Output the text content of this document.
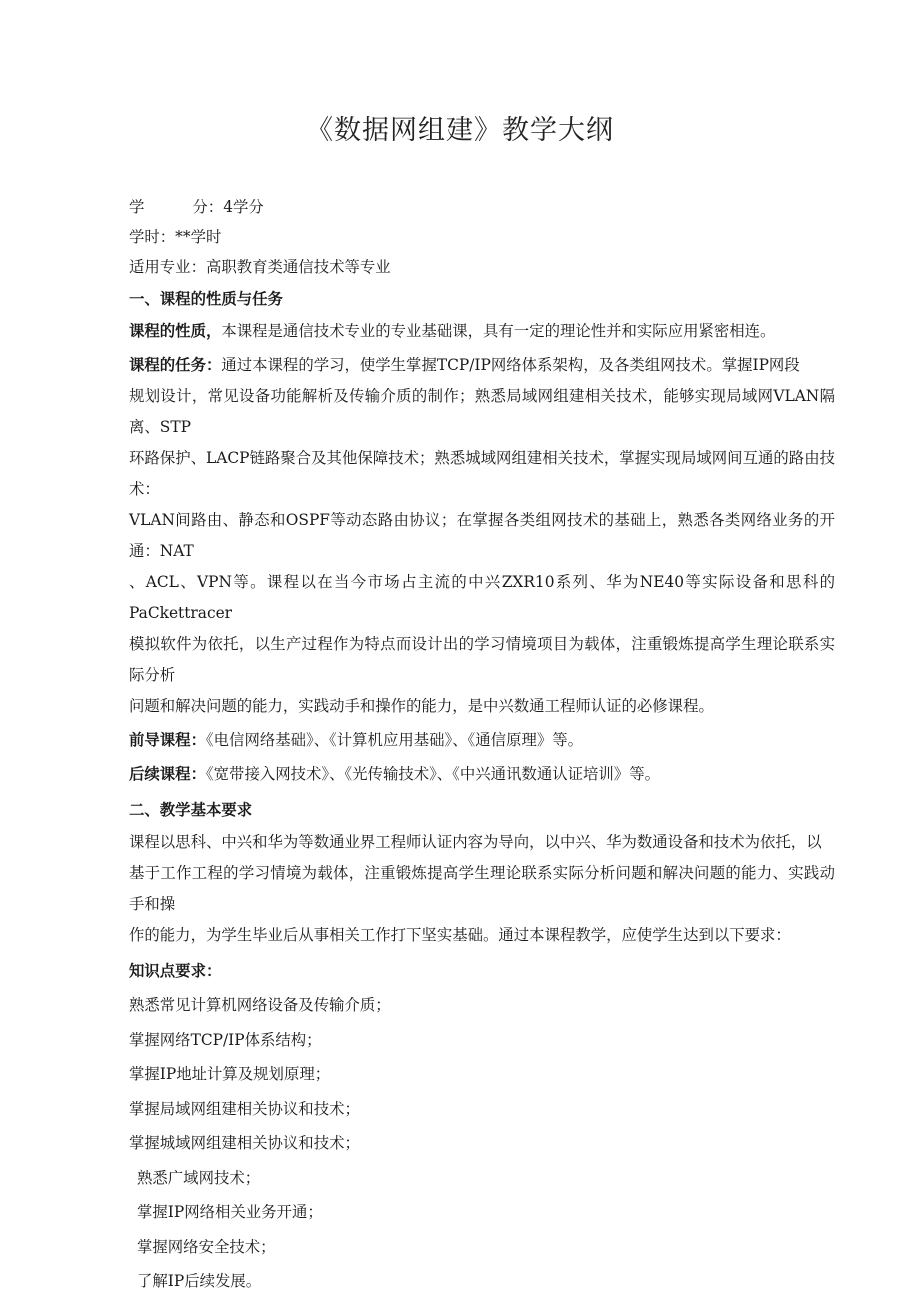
《数据网组建》教学大纲
学	分：4学分
学时：**学时
适用专业：高职教育类通信技术等专业
一、课程的性质与任务
课程的性质，本课程是通信技术专业的专业基础课，具有一定的理论性并和实际应用紧密相连。
课程的任务：通过本课程的学习，使学生掌握TCP/IP网络体系架构，及各类组网技术。掌握IP网段
规划设计，常见设备功能解析及传输介质的制作；熟悉局域网组建相关技术，能够实现局域网VLAN隔离、STP
环路保护、LACP链路聚合及其他保障技术；熟悉城域网组建相关技术，掌握实现局域网间互通的路由技术：
VLAN间路由、静态和OSPF等动态路由协议；在掌握各类组网技术的基础上，熟悉各类网络业务的开通：NAT
、ACL、VPN等。课程以在当今市场占主流的中兴ZXR10系列、华为NE40等实际设备和思科的PaCkettracer
模拟软件为依托，以生产过程作为特点而设计出的学习情境项目为载体，注重锻炼提高学生理论联系实际分析
问题和解决问题的能力，实践动手和操作的能力，是中兴数通工程师认证的必修课程。
前导课程：《电信网络基础》、《计算机应用基础》、《通信原理》等。
后续课程：《宽带接入网技术》、《光传输技术》、《中兴通讯数通认证培训》等。
二、教学基本要求
课程以思科、中兴和华为等数通业界工程师认证内容为导向，以中兴、华为数通设备和技术为依托，以
基于工作工程的学习情境为载体，注重锻炼提高学生理论联系实际分析问题和解决问题的能力、实践动手和操
作的能力，为学生毕业后从事相关工作打下坚实基础。通过本课程教学，应使学生达到以下要求：
知识点要求：
熟悉常见计算机网络设备及传输介质；
掌握网络TCP/IP体系结构；
掌握IP地址计算及规划原理；
掌握局域网组建相关协议和技术；
掌握城域网组建相关协议和技术；
熟悉广域网技术；
掌握IP网络相关业务开通；
掌握网络安全技术；
了解IP后续发展。
